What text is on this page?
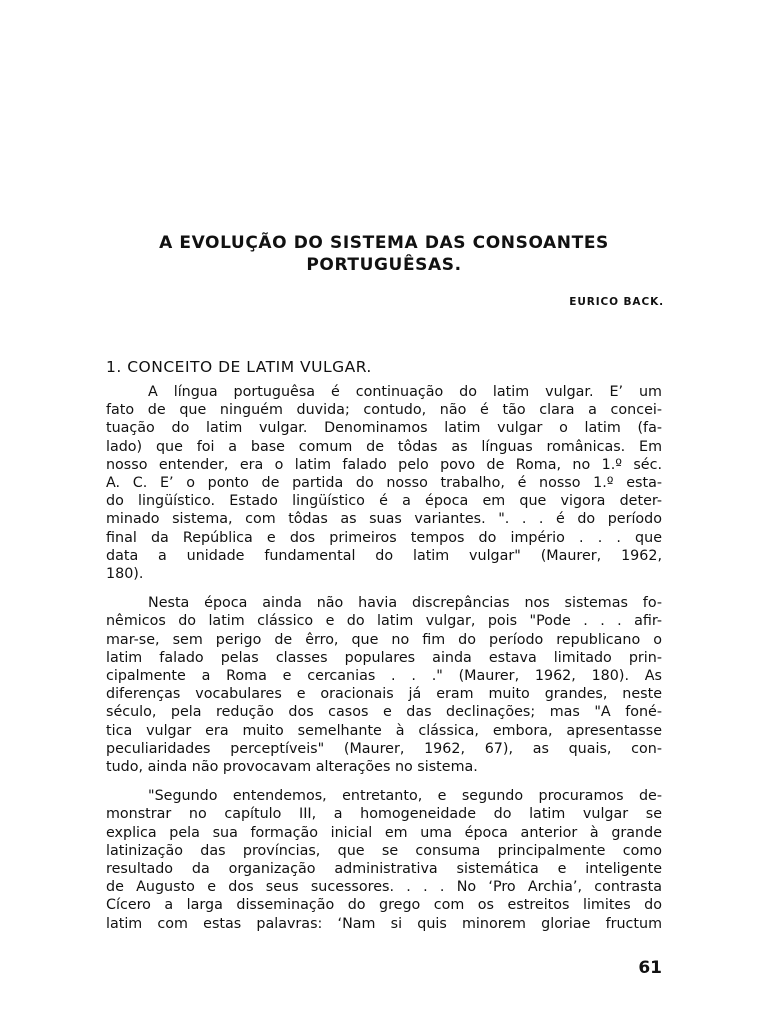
A EVOLUÇÃO DO SISTEMA DAS CONSOANTES
PORTUGUÊSAS.
EURICO BACK.
1. CONCEITO DE LATIM VULGAR.
A língua portuguêsa é continuação do latim vulgar. E’ um
fato de que ninguém duvida; contudo, não é tão clara a concei-
tuação do latim vulgar. Denominamos latim vulgar o latim (fa-
lado) que foi a base comum de tôdas as línguas românicas. Em
nosso entender, era o latim falado pelo povo de Roma, no 1.º séc.
A. C. E’ o ponto de partida do nosso trabalho, é nosso 1.º esta-
do lingüístico. Estado lingüístico é a época em que vigora deter-
minado sistema, com tôdas as suas variantes. ". . . é do período
final da República e dos primeiros tempos do império . . . que
data a unidade fundamental do latim vulgar" (Maurer, 1962,
180).
Nesta época ainda não havia discrepâncias nos sistemas fo-
nêmicos do latim clássico e do latim vulgar, pois "Pode . . . afir-
mar-se, sem perigo de êrro, que no fim do período republicano o
latim falado pelas classes populares ainda estava limitado prin-
cipalmente a Roma e cercanias . . ." (Maurer, 1962, 180). As
diferenças vocabulares e oracionais já eram muito grandes, neste
século, pela redução dos casos e das declinações; mas "A foné-
tica vulgar era muito semelhante à clássica, embora, apresentasse
peculiaridades perceptíveis" (Maurer, 1962, 67), as quais, con-
tudo, ainda não provocavam alterações no sistema.
"Segundo entendemos, entretanto, e segundo procuramos de-
monstrar no capítulo III, a homogeneidade do latim vulgar se
explica pela sua formação inicial em uma época anterior à grande
latinização das províncias, que se consuma principalmente como
resultado da organização administrativa sistemática e inteligente
de Augusto e dos seus sucessores. . . . No ‘Pro Archia’, contrasta
Cícero a larga disseminação do grego com os estreitos limites do
latim com estas palavras: ‘Nam si quis minorem gloriae fructum
61
